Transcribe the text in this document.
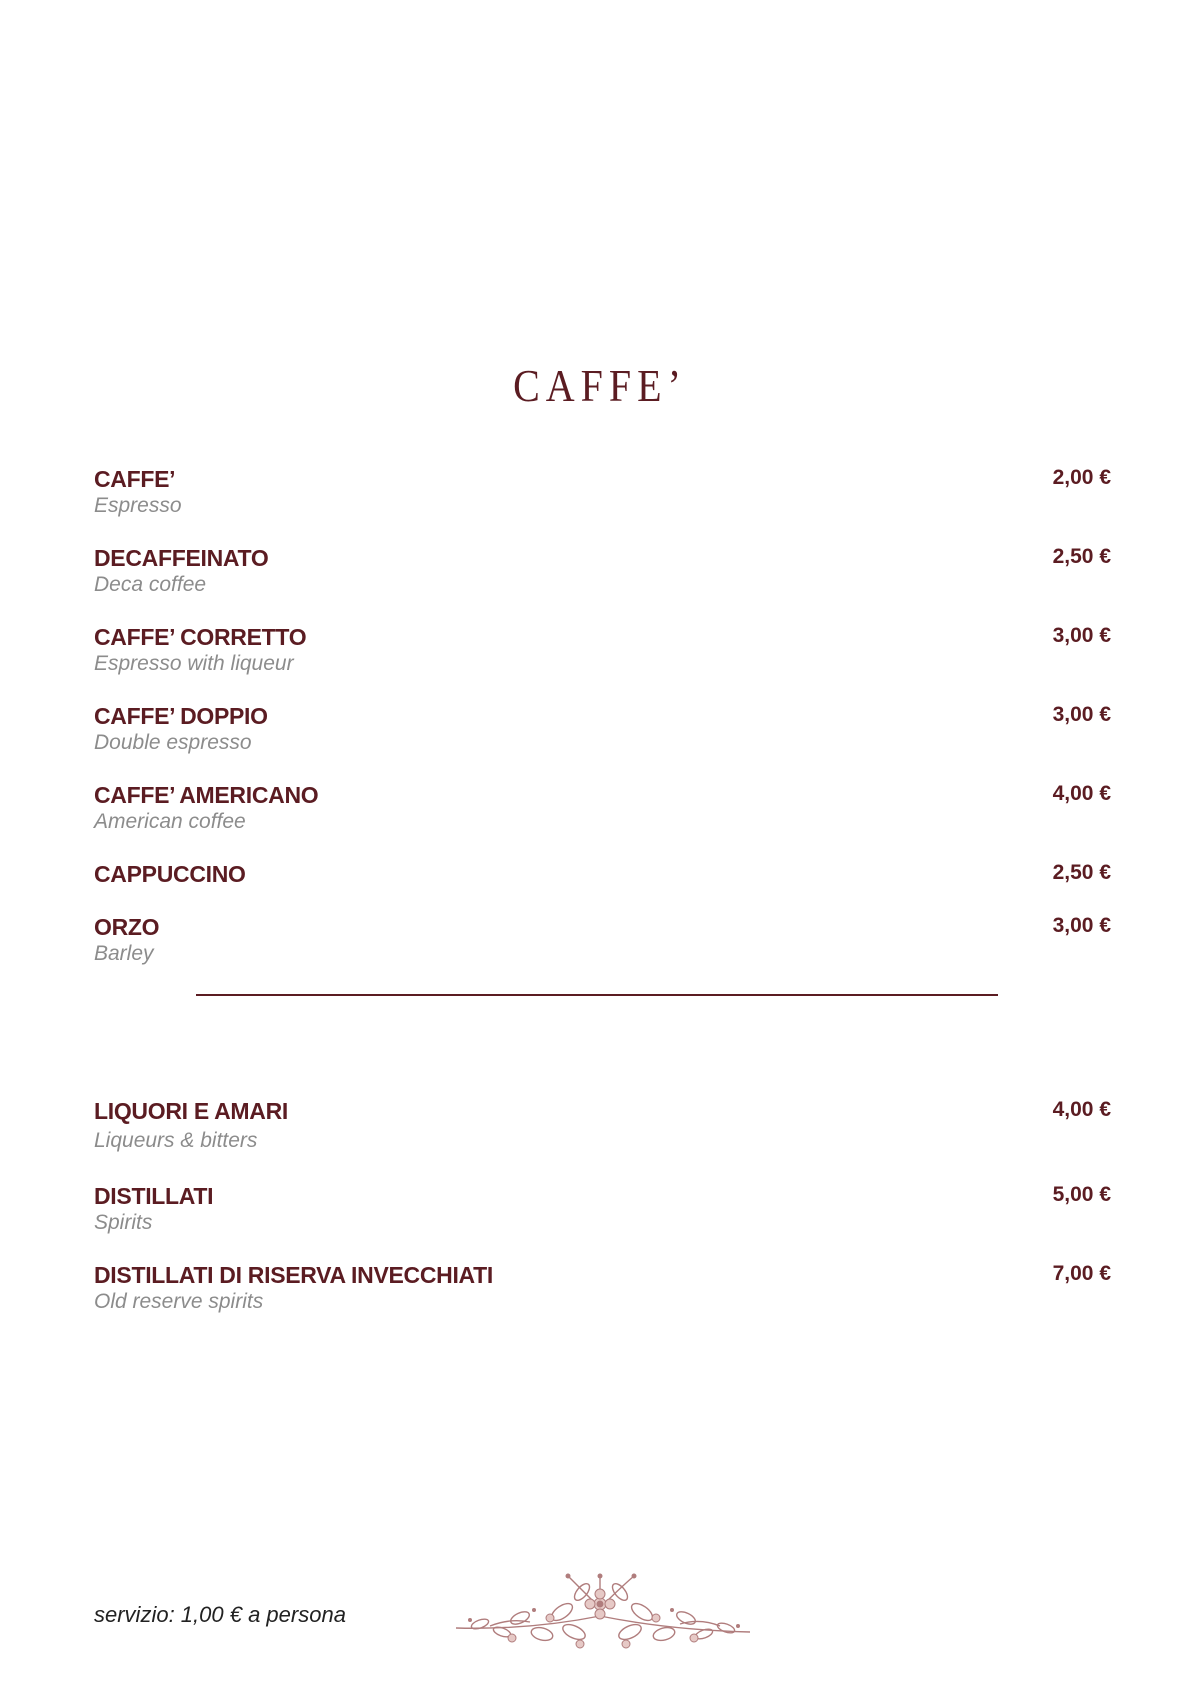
CAFFE’
CAFFE’
Espresso
2,00 €
DECAFFEINATO
Deca coffee
2,50 €
CAFFE’ CORRETTO
Espresso with liqueur
3,00 €
CAFFE’ DOPPIO
Double espresso
3,00 €
CAFFE’ AMERICANO
American coffee
4,00 €
CAPPUCCINO	2,50 €
ORZO
Barley
3,00 €
LIQUORI E AMARI
Liqueurs & bitters
4,00 €
DISTILLATI
Spirits
5,00 €
DISTILLATI DI RISERVA INVECCHIATI
Old reserve spirits
7,00 €
servizio: 1,00 € a persona
